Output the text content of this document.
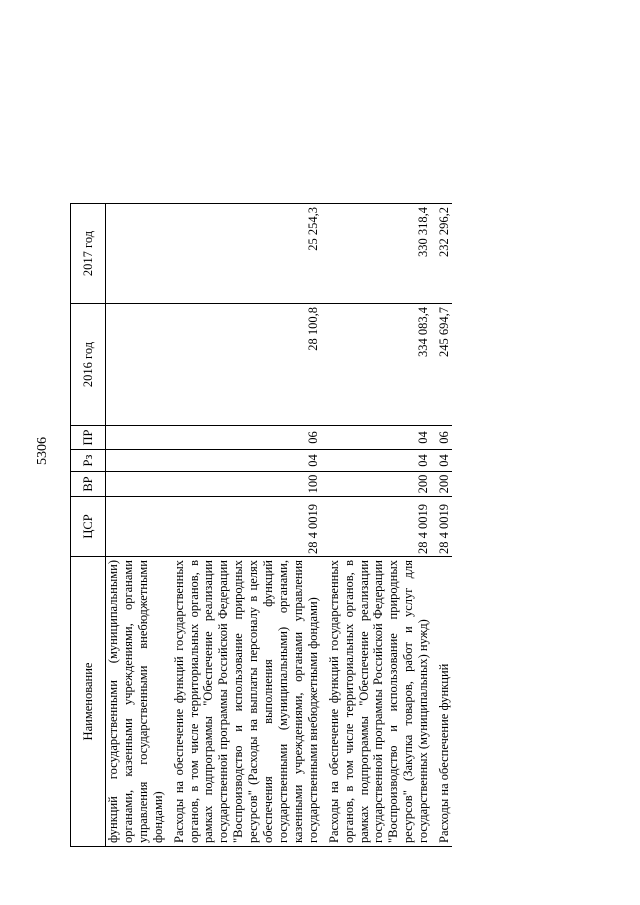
5306
Наименование	ЦСР	ВР	Рз	ПР	2016 год	2017 год
функций государственными (муниципальными) органами, казенными учреждениями, органами управления государственными внебюджетными фондами)						

Расходы на обеспечение функций государственных органов, в том числе территориальных органов, в рамках подпрограммы "Обеспечение реализации государственной программы Российской Федерации "Воспроизводство и использование природных ресурсов" (Расходы на выплаты персоналу в целях обеспечения выполнения функций государственными (муниципальными) органами, казенными учреждениями, органами управления государственными внебюджетными фондами)	28 4 0019	100	04	06	28 100,8	25 254,3

Расходы на обеспечение функций государственных органов, в том числе территориальных органов, в рамках подпрограммы "Обеспечение реализации государственной программы Российской Федерации "Воспроизводство и использование природных ресурсов" (Закупка товаров, работ и услуг для государственных (муниципальных) нужд)	28 4 0019	200	04	04	334 083,4	330 318,4

Расходы на обеспечение функций	28 4 0019	200	04	06	245 694,7	232 296,2
